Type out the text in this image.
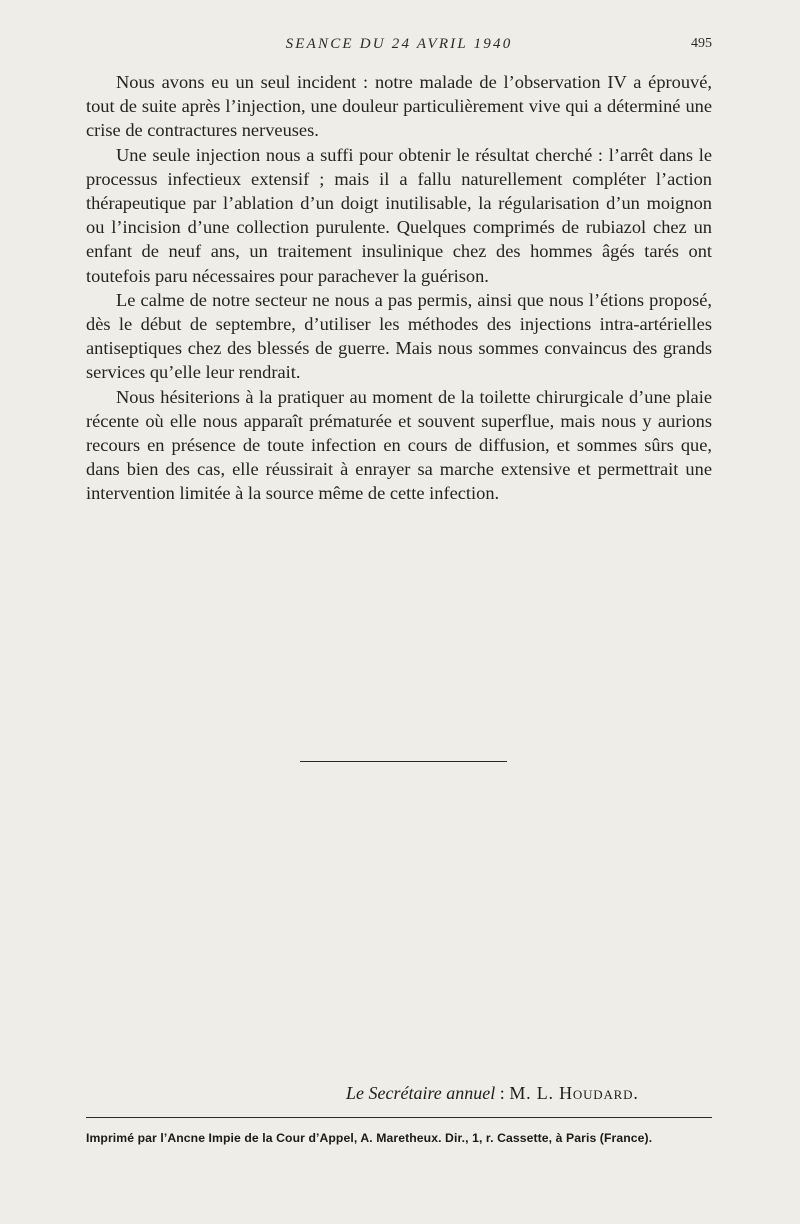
SEANCE DU 24 AVRIL 1940	495

Nous avons eu un seul incident : notre malade de l’observation IV a éprouvé, tout de suite après l’injection, une douleur particulièrement vive qui a déterminé une crise de contractures nerveuses.

Une seule injection nous a suffi pour obtenir le résultat cherché : l’arrêt dans le processus infectieux extensif ; mais il a fallu naturellement compléter l’action thérapeutique par l’ablation d’un doigt inutilisable, la régularisation d’un moignon ou l’incision d’une collection purulente. Quelques comprimés de rubiazol chez un enfant de neuf ans, un traitement insulinique chez des hommes âgés tarés ont toutefois paru nécessaires pour parachever la guérison.

Le calme de notre secteur ne nous a pas permis, ainsi que nous l’étions proposé, dès le début de septembre, d’utiliser les méthodes des injections intra-artérielles antiseptiques chez des blessés de guerre. Mais nous sommes convaincus des grands services qu’elle leur rendrait.

Nous hésiterions à la pratiquer au moment de la toilette chirurgicale d’une plaie récente où elle nous apparaît prématurée et souvent superflue, mais nous y aurions recours en présence de toute infection en cours de diffusion, et sommes sûrs que, dans bien des cas, elle réussirait à enrayer sa marche extensive et permettrait une intervention limitée à la source même de cette infection.

Le Secrétaire annuel : M. L. Houdard.
Imprimé par l’Ancne Impie de la Cour d’Appel, A. Maretheux. Dir., 1, r. Cassette, à Paris (France).
